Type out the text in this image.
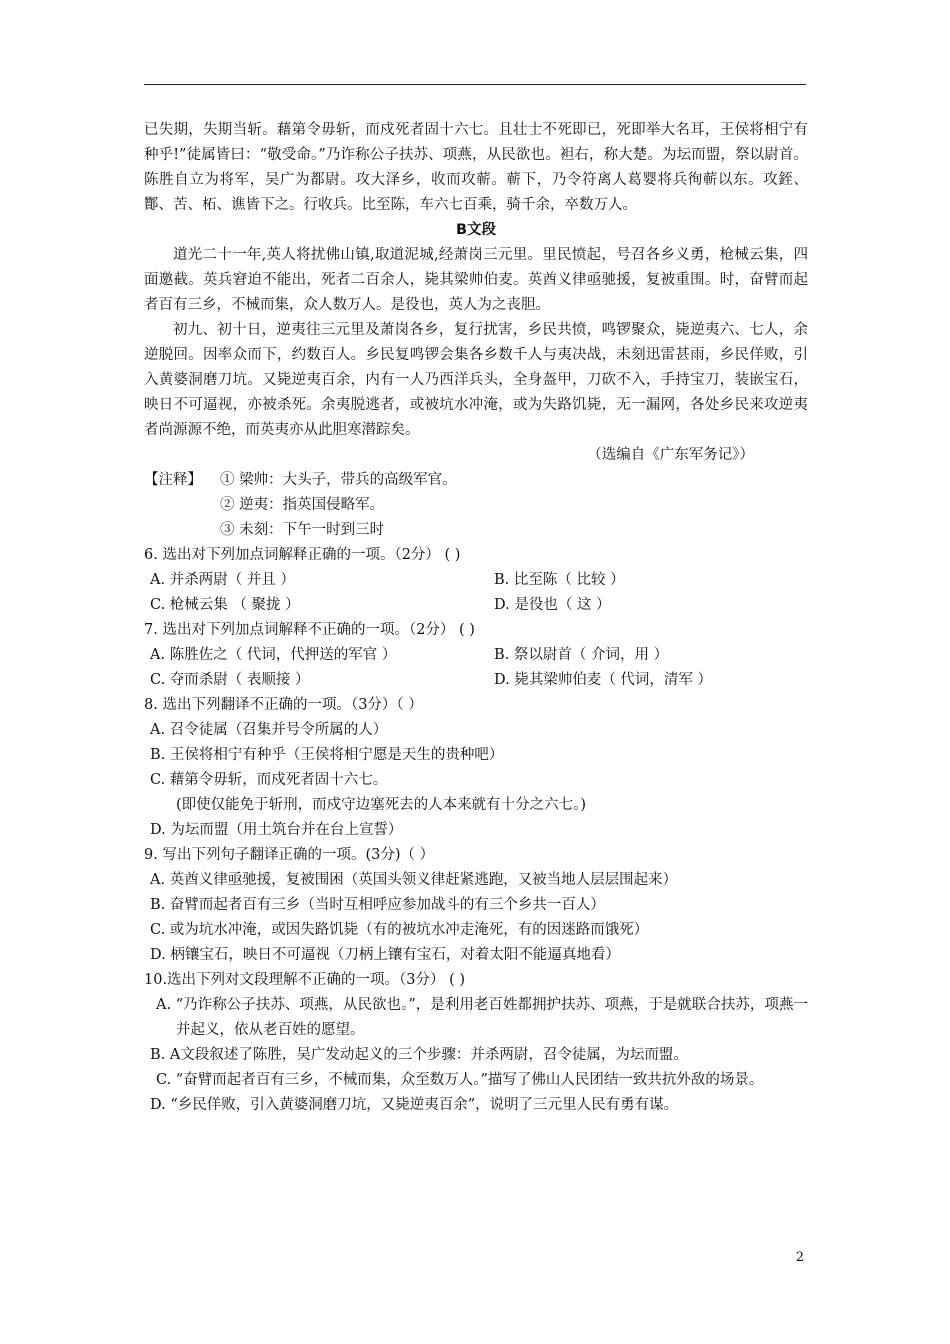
已失期，失期当斩。藉第令毋斩，而戍死者固十六七。且壮士不死即已，死即举大名耳，王侯将相宁有种乎!”徒属皆曰：“敬受命。”乃诈称公子扶苏、项燕，从民欲也。袒右，称大楚。为坛而盟，祭以尉首。陈胜自立为将军，吴广为都尉。攻大泽乡，收而攻蕲。蕲下，乃令符离人葛婴将兵徇蕲以东。攻銍、酇、苦、柘、谯皆下之。行收兵。比至陈，车六七百乘，骑千余，卒数万人。

B文段

道光二十一年,英人将扰佛山镇,取道泥城,经萧岗三元里。里民愤起，号召各乡义勇，枪械云集，四面邀截。英兵窘迫不能出，死者二百余人，毙其梁帅伯麦。英酋义律亟驰援，复被重围。时，奋臂而起者百有三乡，不械而集，众人数万人。是役也，英人为之丧胆。

初九、初十日，逆夷往三元里及萧岗各乡，复行扰害，乡民共愤，鸣锣聚众，毙逆夷六、七人，余逆脱回。因率众而下，约数百人。乡民复鸣锣会集各乡数千人与夷决战，未刻迅雷甚雨，乡民佯败，引入黄婆洞磨刀坑。又毙逆夷百余，内有一人乃西洋兵头，全身盔甲，刀砍不入，手持宝刀，装嵌宝石，映日不可逼视，亦被杀死。余夷脱逃者，或被坑水冲淹，或为失路饥毙，无一漏网，各处乡民来攻逆夷者尚源源不绝，而英夷亦从此胆寒潜踪矣。

（选编自《广东军务记》）

【注释】	① 梁帅：大头子，带兵的高级军官。

② 逆夷：指英国侵略军。

③ 未刻：下午一时到三时

6. 选出对下列加点词解释正确的一项。（2分） ( )

A. 并杀两尉（ 并且 ）	B. 比至陈（ 比较 ）
C. 枪械云集 （ 聚拢 ）	D. 是役也（ 这 ）

7. 选出对下列加点词解释不正确的一项。（2分） ( )

A. 陈胜佐之（ 代词，代押送的军官 ）	B. 祭以尉首（ 介词，用 ）
C. 夺而杀尉（ 表顺接 ）	D. 毙其梁帅伯麦（ 代词，清军 ）

8. 选出下列翻译不正确的一项。（3分）（ ）

A. 召令徒属（召集并号令所属的人）

B. 王侯将相宁有种乎（王侯将相宁愿是天生的贵种吧）

C. 藉第令毋斩，而戍死者固十六七。

(即使仅能免于斩刑，而戍守边塞死去的人本来就有十分之六七。)

D. 为坛而盟（用土筑台并在台上宣誓）

9. 写出下列句子翻译正确的一项。(3分)（ ）

A. 英酋义律亟驰援，复被围困（英国头领义律赶紧逃跑，又被当地人层层围起来）

B. 奋臂而起者百有三乡（当时互相呼应参加战斗的有三个乡共一百人）

C. 或为坑水冲淹，或因失路饥毙（有的被坑水冲走淹死，有的因迷路而饿死）

D. 柄镶宝石，映日不可逼视（刀柄上镶有宝石，对着太阳不能逼真地看）

10.选出下列对文段理解不正确的一项。（3分） ( )

A. “乃诈称公子扶苏、项燕，从民欲也。”，是利用老百姓都拥护扶苏、项燕，于是就联合扶苏，项燕一并起义，依从老百姓的愿望。

B. A文段叙述了陈胜，吴广发动起义的三个步骤：并杀两尉，召令徒属，为坛而盟。

C. “奋臂而起者百有三乡，不械而集，众至数万人。”描写了佛山人民团结一致共抗外敌的场景。

D. “乡民佯败，引入黄婆洞磨刀坑，又毙逆夷百余”，说明了三元里人民有勇有谋。

2
